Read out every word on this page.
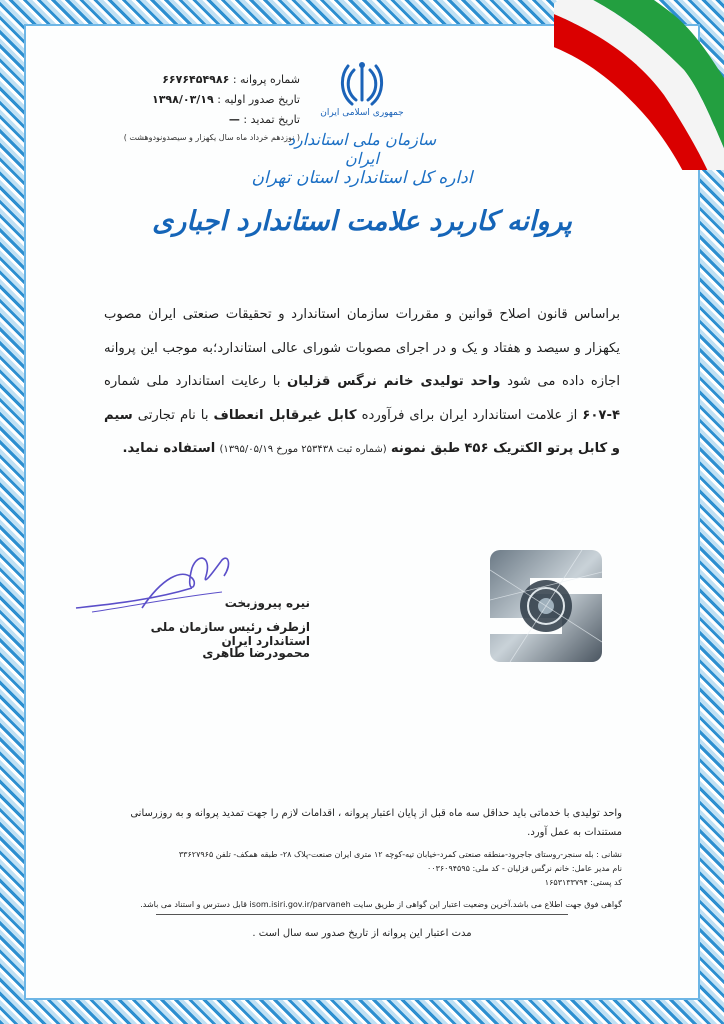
شماره پروانه : ۶۶۷۶۴۵۴۹۸۶
تاریخ صدور اولیه : ۱۳۹۸/۰۳/۱۹
تاریخ تمدید : —
( نوزدهم خرداد ماه سال یکهزار و سیصدونودوهشت )
جمهوری اسلامی ایران
سازمان ملی استاندارد ایران
اداره کل استاندارد استان تهران
پروانه کاربرد علامت استاندارد اجباری
براساس قانون اصلاح قوانین و مقررات سازمان استاندارد و تحقیقات صنعتی ایران مصوب یکهزار و سیصد و هفتاد و یک و در اجرای مصوبات شورای عالی استاندارد؛به موجب این پروانه اجازه داده می شود واحد تولیدی خانم نرگس قزلیان با رعایت استاندارد ملی شماره ۴-۶۰۷ از علامت استاندارد ایران برای فرآورده کابل غیرقابل انعطاف با نام تجارتی سیم و کابل پرتو الکتریک ۴۵۶ طبق نمونه (شماره ثبت ۲۵۳۴۳۸ مورخ ۱۳۹۵/۰۵/۱۹) استفاده نماید.
نیره پیروزبخت
ازطرف رئیس سازمان ملی استاندارد ایران
محمودرضا طاهری
واحد تولیدی با خدماتی باید حداقل سه ماه قبل از پایان اعتبار پروانه ، اقدامات لازم را جهت تمدید پروانه و به روزرسانی
مستندات به عمل آورد.
نشانی : بله سنجر-روستای جاجرود-منطقه صنعتی کمرد-خیابان تیه-کوچه ۱۲ متری ایران صنعت-پلاک ۲۸- طبقه همکف- تلفن ۳۳۶۲۷۹۶۵
نام مدیر عامل: خانم نرگس قزلیان - کد ملی: ۰۰۳۶۰۹۴۵۹۵
کد پستی: ۱۶۵۳۱۳۳۷۹۴
گواهی فوق جهت اطلاع می باشد.آخرین وضعیت اعتبار این گواهی از طریق سایت isom.isiri.gov.ir/parvaneh قابل دسترس و استناد می باشد.
مدت اعتبار این پروانه از تاریخ صدور سه سال است .
